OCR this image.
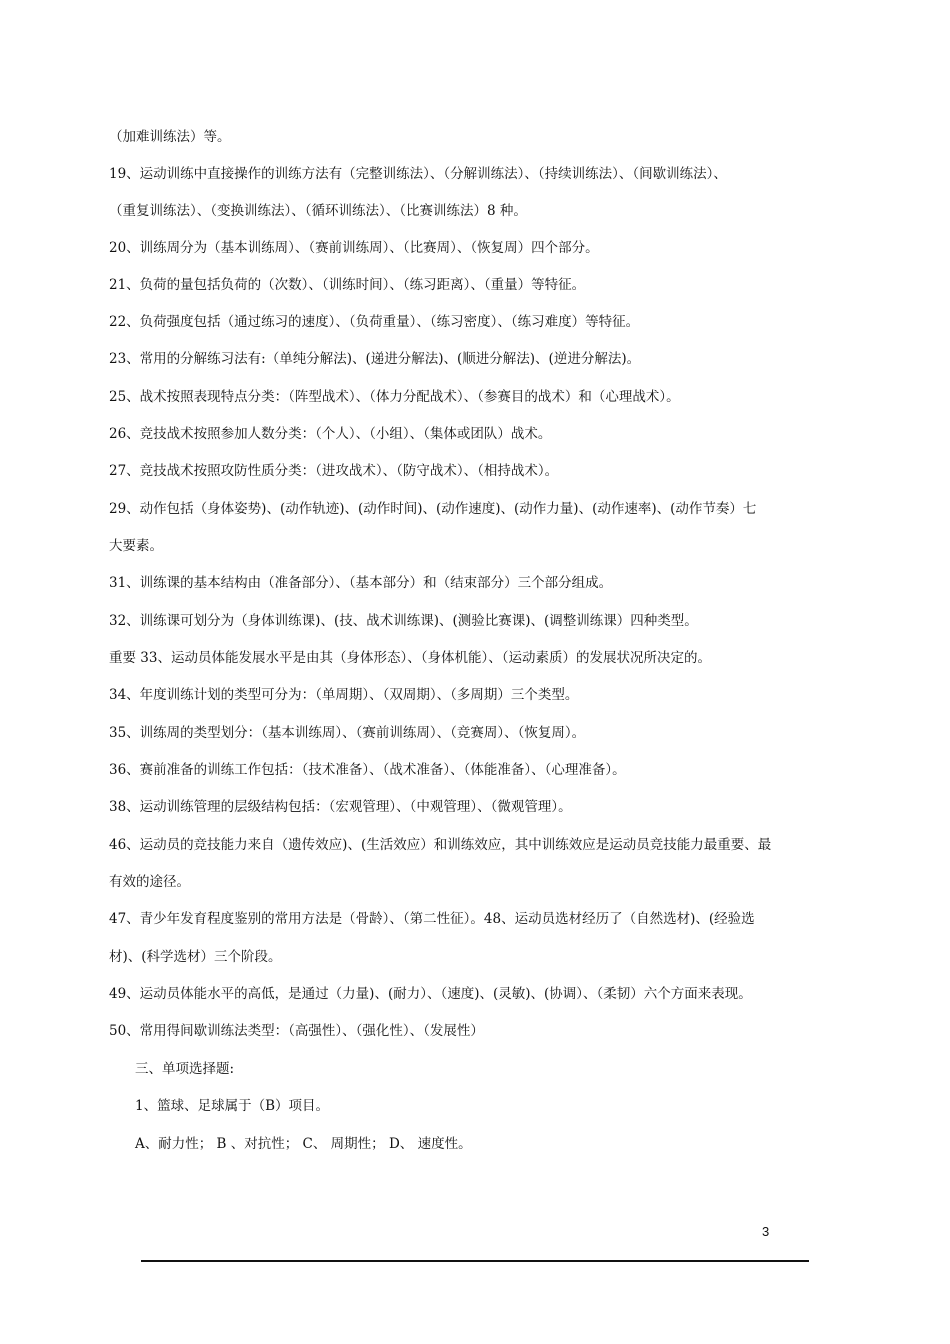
（加难训练法）等。
19、运动训练中直接操作的训练方法有（完整训练法）、（分解训练法）、（持续训练法）、（间歇训练法）、
（重复训练法）、（变换训练法）、（循环训练法）、（比赛训练法）8 种。
20、训练周分为（基本训练周）、（赛前训练周）、（比赛周）、（恢复周）四个部分。
21、负荷的量包括负荷的（次数）、（训练时间）、（练习距离）、（重量）等特征。
22、负荷强度包括（通过练习的速度）、（负荷重量）、（练习密度）、（练习难度）等特征。
23、常用的分解练习法有:（单纯分解法)、(递进分解法)、(顺进分解法)、(逆进分解法)。
25、战术按照表现特点分类：（阵型战术）、（体力分配战术）、（参赛目的战术）和（心理战术）。
26、竞技战术按照参加人数分类：（个人）、（小组）、（集体或团队）战术。
27、竞技战术按照攻防性质分类：（进攻战术）、（防守战术）、（相持战术）。
29、动作包括（身体姿势)、(动作轨迹)、(动作时间)、(动作速度)、(动作力量)、(动作速率)、(动作节奏）七
大要素。
31、训练课的基本结构由（准备部分）、（基本部分）和（结束部分）三个部分组成。
32、训练课可划分为（身体训练课)、(技、战术训练课)、(测验比赛课)、(调整训练课）四种类型。
重要 33、运动员体能发展水平是由其（身体形态）、（身体机能）、（运动素质）的发展状况所决定的。
34、年度训练计划的类型可分为：（单周期）、（双周期）、（多周期）三个类型。
35、训练周的类型划分：（基本训练周）、（赛前训练周）、（竞赛周）、（恢复周）。
36、赛前准备的训练工作包括：（技术准备）、（战术准备）、（体能准备）、（心理准备）。
38、运动训练管理的层级结构包括：（宏观管理）、（中观管理）、（微观管理）。
46、运动员的竞技能力来自（遗传效应)、(生活效应）和训练效应，其中训练效应是运动员竞技能力最重要、最
有效的途径。
47、青少年发育程度鉴别的常用方法是（骨龄）、（第二性征）。48、运动员选材经历了（自然选材)、(经验选
材)、(科学选材）三个阶段。
49、运动员体能水平的高低，是通过（力量)、(耐力）、（速度)、(灵敏)、(协调）、（柔韧）六个方面来表现。
50、常用得间歇训练法类型：（高强性）、（强化性）、（发展性）
三、单项选择题:
1、篮球、足球属于（B）项目。
A、耐力性； B 、对抗性； C、 周期性； D、 速度性。
3
